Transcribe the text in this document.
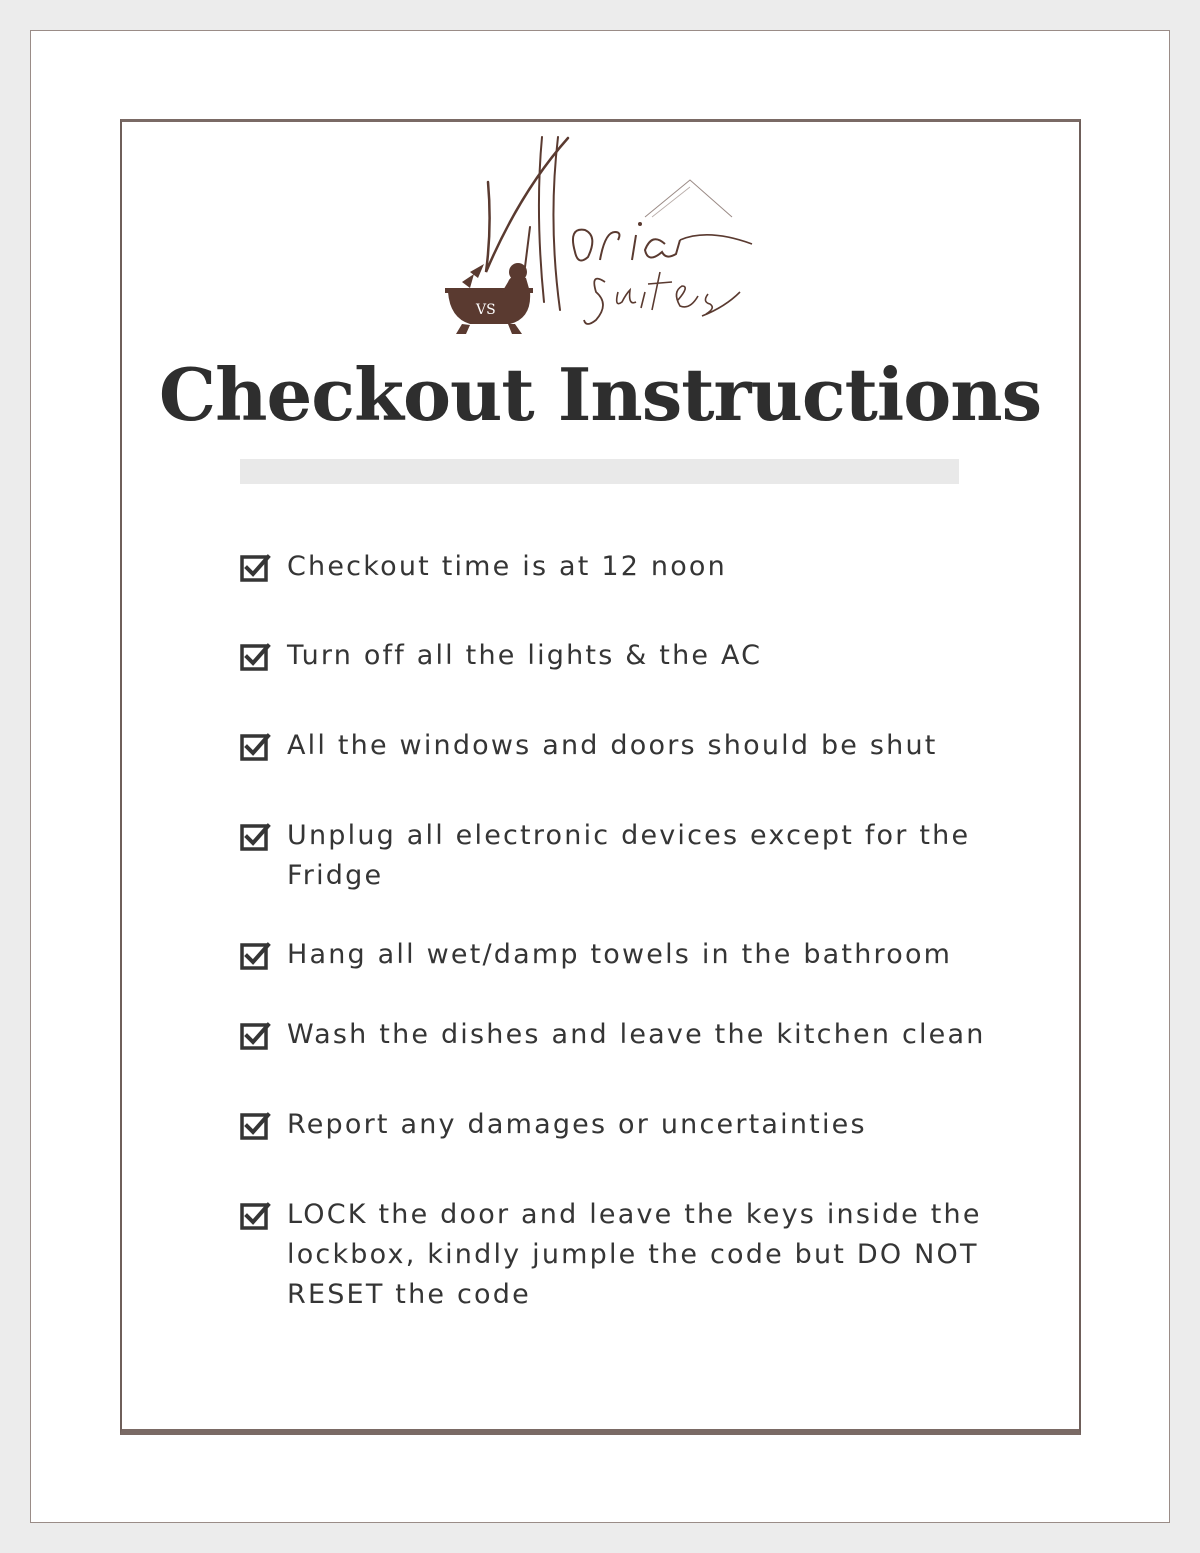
VS
Checkout Instructions
Checkout time is at 12 noon
Turn off all the lights & the AC
All the windows and doors should be shut
Unplug all electronic devices except for the
Fridge
Hang all wet/damp towels in the bathroom
Wash the dishes and leave the kitchen clean
Report any damages or uncertainties
LOCK the door and leave the keys inside the
lockbox, kindly jumple the code but DO NOT
RESET the code
